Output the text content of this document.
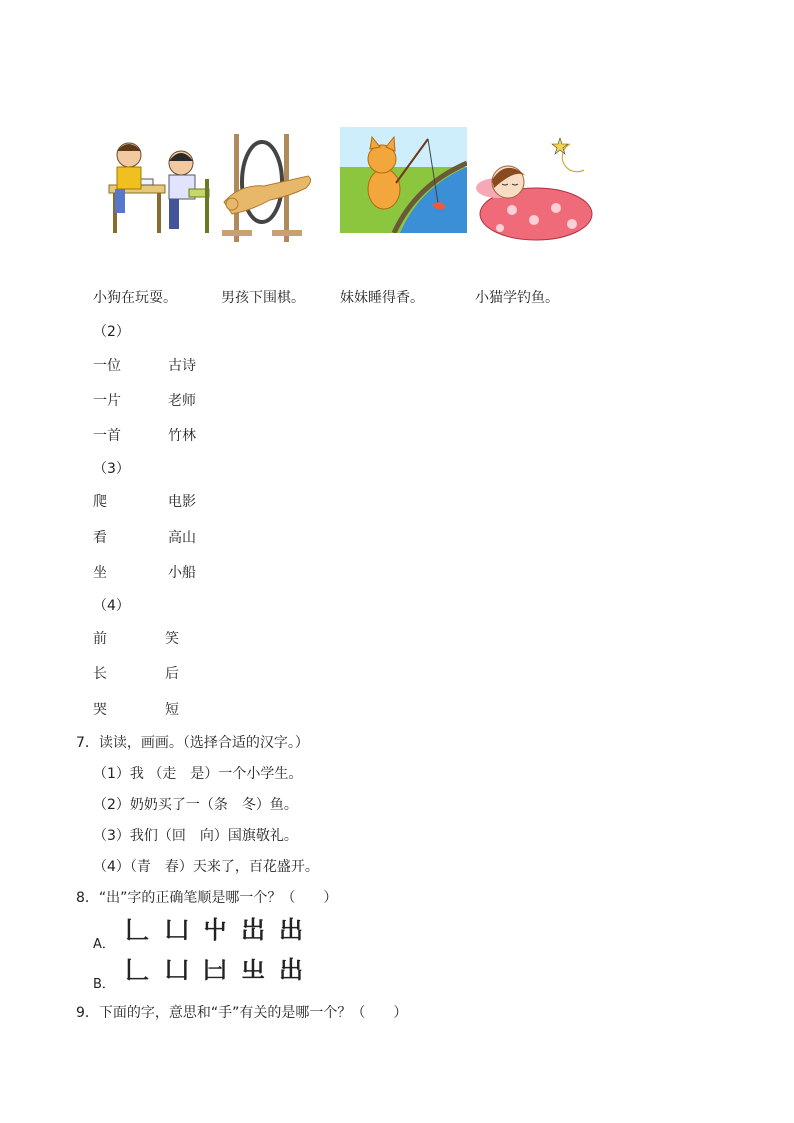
小狗在玩耍。	男孩下围棋。	妹妹睡得香。	小猫学钓鱼。
（2）
一位	古诗
一片	老师
一首	竹林
（3）
爬	电影
看	高山
坐	小船
（4）
前	笑
长	后
哭	短
7．读读，画画。（选择合适的汉字。）
（1）我 （走　是）一个小学生。
（2）奶奶买了一（条　冬）鱼。
（3）我们（回　向）国旗敬礼。
（4）（青　春）天来了，百花盛开。
8．“出”字的正确笔顺是哪一个？（　　）
A．
𠃊 凵 屮 岀 出
B．
𠃊 凵 𠙵 㞢 出
9．下面的字，意思和“手”有关的是哪一个？（　　）
